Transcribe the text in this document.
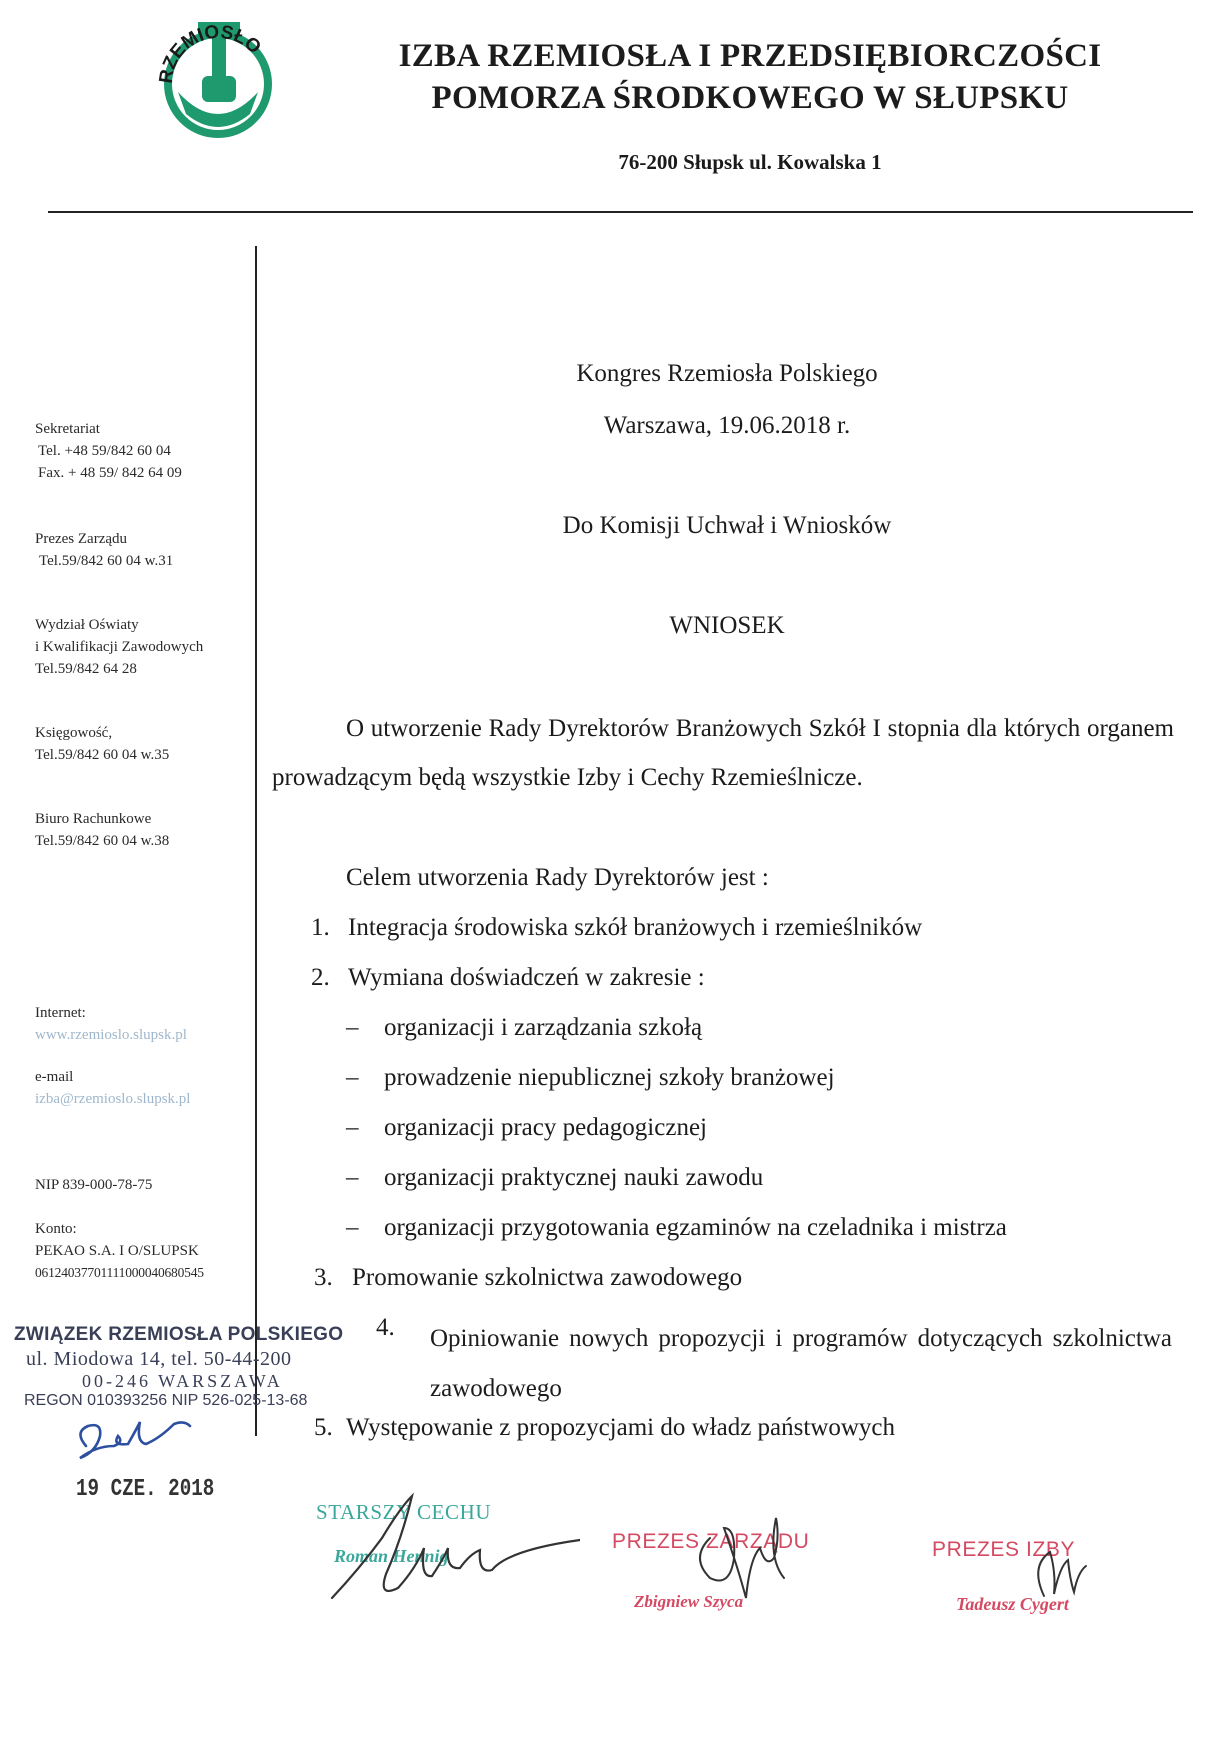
RZEMIOSŁO	IZBA RZEMIOSŁA I PRZEDSIĘBIORCZOŚCI
POMORZA ŚRODKOWEGO W SŁUPSKU
76-200 Słupsk ul. Kowalska 1
Sekretariat
Tel. +48 59/842 60 04
Fax. + 48 59/ 842 64 09
Prezes Zarządu
Tel.59/842 60 04 w.31
Wydział Oświaty
i Kwalifikacji Zawodowych
Tel.59/842 64 28
Księgowość,
Tel.59/842 60 04 w.35
Biuro Rachunkowe
Tel.59/842 60 04 w.38
Internet:
www.rzemioslo.slupsk.pl
e-mail
izba@rzemioslo.slupsk.pl
NIP 839-000-78-75
Konto:
PEKAO S.A. I O/SLUPSK
06124037701111000040680545
ZWIĄZEK RZEMIOSŁA POLSKIEGO
ul. Miodowa 14, tel. 50-44-200
00-246 WARSZAWA
REGON 010393256 NIP 526-025-13-68
19 CZE. 2018
Kongres Rzemiosła Polskiego
Warszawa, 19.06.2018 r.
Do Komisji Uchwał i Wniosków
WNIOSEK
O utworzenie Rady Dyrektorów Branżowych Szkół I stopnia dla których organem prowadzącym będą wszystkie Izby i Cechy Rzemieślnicze.
Celem utworzenia Rady Dyrektorów jest :
1. Integracja środowiska szkół branżowych i rzemieślników
2. Wymiana doświadczeń w zakresie :
– organizacji i zarządzania szkołą
– prowadzenie niepublicznej szkoły branżowej
– organizacji pracy pedagogicznej
– organizacji praktycznej nauki zawodu
– organizacji przygotowania egzaminów na czeladnika i mistrza
3. Promowanie szkolnictwa zawodowego
4. Opiniowanie nowych propozycji i programów dotyczących szkolnictwa zawodowego
5. Występowanie z propozycjami do władz państwowych
STARSZY CECHU
Roman Hennig
PREZES ZARZĄDU
Zbigniew Szyca
PREZES IZBY
Tadeusz Cygert
